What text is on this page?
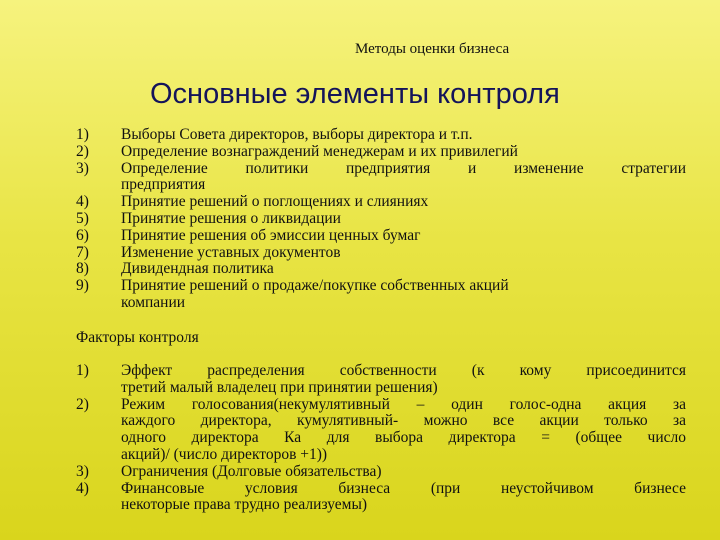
Методы оценки бизнеса
Основные элементы контроля
1)	Выборы Совета директоров, выборы директора и т.п.
2)	Определение вознаграждений менеджерам и их привилегий
3)	Определение политики предприятия и изменение стратегии
предприятия
4)	Принятие решений о поглощениях и слияниях
5)	Принятие решения о ликвидации
6)	Принятие решения об эмиссии ценных бумаг
7)	Изменение уставных документов
8)	Дивидендная политика
9)	Принятие решений о продаже/покупке собственных акций
компании
Факторы контроля
1)	Эффект распределения собственности (к кому присоединится
третий малый владелец при принятии решения)
2)	Режим голосования(некумулятивный – один голос-одна акция за
каждого директора, кумулятивный- можно все акции только за
одного директора Ка для выбора директора = (общее число
акций)/ (число директоров +1))
3)	Ограничения (Долговые обязательства)
4)	Финансовые условия бизнеса (при неустойчивом бизнесе
некоторые права трудно реализуемы)
